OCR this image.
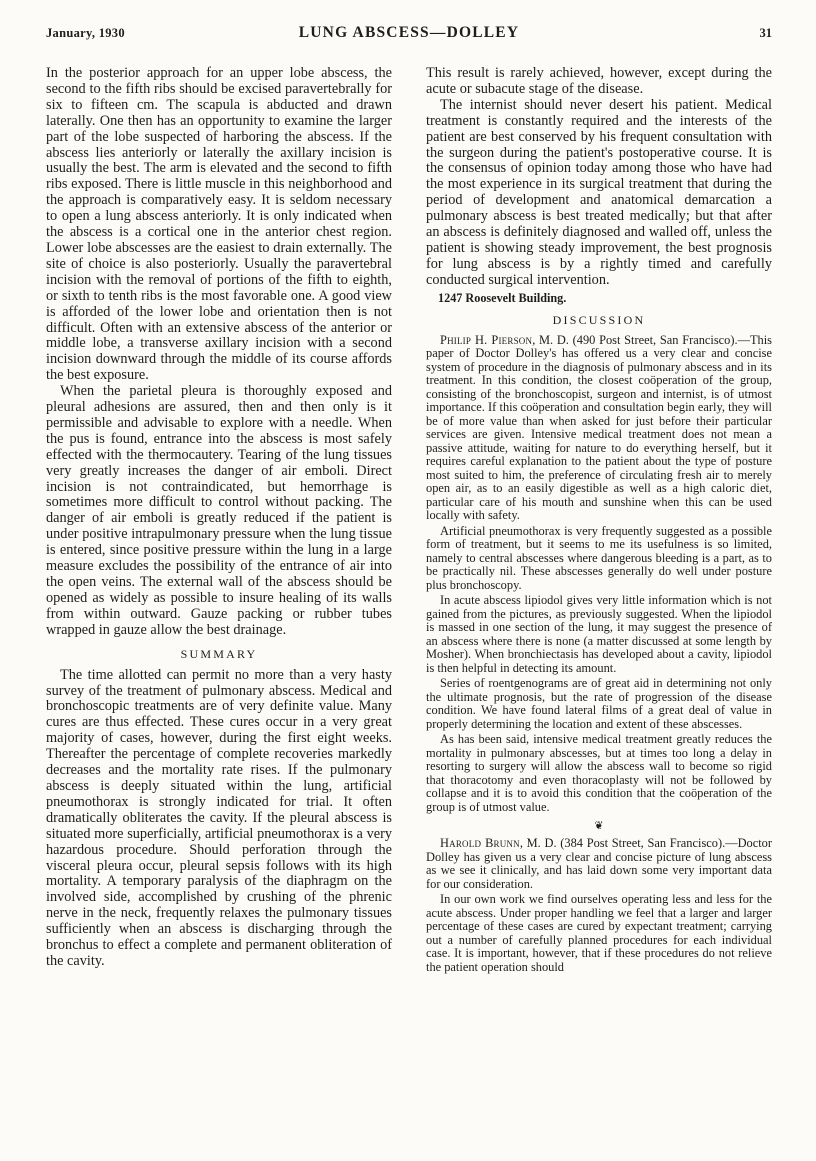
January, 1930	LUNG ABSCESS—DOLLEY	31

In the posterior approach for an upper lobe abscess, the second to the fifth ribs should be excised paravertebrally for six to fifteen cm. The scapula is abducted and drawn laterally. One then has an opportunity to examine the larger part of the lobe suspected of harboring the abscess. If the abscess lies anteriorly or laterally the axillary incision is usually the best. The arm is elevated and the second to fifth ribs exposed. There is little muscle in this neighborhood and the approach is comparatively easy. It is seldom necessary to open a lung abscess anteriorly. It is only indicated when the abscess is a cortical one in the anterior chest region. Lower lobe abscesses are the easiest to drain externally. The site of choice is also posteriorly. Usually the paravertebral incision with the removal of portions of the fifth to eighth, or sixth to tenth ribs is the most favorable one. A good view is afforded of the lower lobe and orientation then is not difficult. Often with an extensive abscess of the anterior or middle lobe, a transverse axillary incision with a second incision downward through the middle of its course affords the best exposure.

When the parietal pleura is thoroughly exposed and pleural adhesions are assured, then and then only is it permissible and advisable to explore with a needle. When the pus is found, entrance into the abscess is most safely effected with the thermocautery. Tearing of the lung tissues very greatly increases the danger of air emboli. Direct incision is not contraindicated, but hemorrhage is sometimes more difficult to control without packing. The danger of air emboli is greatly reduced if the patient is under positive intrapulmonary pressure when the lung tissue is entered, since positive pressure within the lung in a large measure excludes the possibility of the entrance of air into the open veins. The external wall of the abscess should be opened as widely as possible to insure healing of its walls from within outward. Gauze packing or rubber tubes wrapped in gauze allow the best drainage.

SUMMARY

The time allotted can permit no more than a very hasty survey of the treatment of pulmonary abscess. Medical and bronchoscopic treatments are of very definite value. Many cures are thus effected. These cures occur in a very great majority of cases, however, during the first eight weeks. Thereafter the percentage of complete recoveries markedly decreases and the mortality rate rises. If the pulmonary abscess is deeply situated within the lung, artificial pneumothorax is strongly indicated for trial. It often dramatically obliterates the cavity. If the pleural abscess is situated more superficially, artificial pneumothorax is a very hazardous procedure. Should perforation through the visceral pleura occur, pleural sepsis follows with its high mortality. A temporary paralysis of the diaphragm on the involved side, accomplished by crushing of the phrenic nerve in the neck, frequently relaxes the pulmonary tissues sufficiently when an abscess is discharging through the bronchus to effect a complete and permanent obliteration of the cavity.

This result is rarely achieved, however, except during the acute or subacute stage of the disease.

The internist should never desert his patient. Medical treatment is constantly required and the interests of the patient are best conserved by his frequent consultation with the surgeon during the patient's postoperative course. It is the consensus of opinion today among those who have had the most experience in its surgical treatment that during the period of development and anatomical demarcation a pulmonary abscess is best treated medically; but that after an abscess is definitely diagnosed and walled off, unless the patient is showing steady improvement, the best prognosis for lung abscess is by a rightly timed and carefully conducted surgical intervention.

1247 Roosevelt Building.

DISCUSSION

Philip H. Pierson, M. D. (490 Post Street, San Francisco).—This paper of Doctor Dolley's has offered us a very clear and concise system of procedure in the diagnosis of pulmonary abscess and in its treatment. In this condition, the closest coöperation of the group, consisting of the bronchoscopist, surgeon and internist, is of utmost importance. If this coöperation and consultation begin early, they will be of more value than when asked for just before their particular services are given. Intensive medical treatment does not mean a passive attitude, waiting for nature to do everything herself, but it requires careful explanation to the patient about the type of posture most suited to him, the preference of circulating fresh air to merely open air, as to an easily digestible as well as a high caloric diet, particular care of his mouth and sunshine when this can be used locally with safety.

Artificial pneumothorax is very frequently suggested as a possible form of treatment, but it seems to me its usefulness is so limited, namely to central abscesses where dangerous bleeding is a part, as to be practically nil. These abscesses generally do well under posture plus bronchoscopy.

In acute abscess lipiodol gives very little information which is not gained from the pictures, as previously suggested. When the lipiodol is massed in one section of the lung, it may suggest the presence of an abscess where there is none (a matter discussed at some length by Mosher). When bronchiectasis has developed about a cavity, lipiodol is then helpful in detecting its amount.

Series of roentgenograms are of great aid in determining not only the ultimate prognosis, but the rate of progression of the disease condition. We have found lateral films of a great deal of value in properly determining the location and extent of these abscesses.

As has been said, intensive medical treatment greatly reduces the mortality in pulmonary abscesses, but at times too long a delay in resorting to surgery will allow the abscess wall to become so rigid that thoracotomy and even thoracoplasty will not be followed by collapse and it is to avoid this condition that the coöperation of the group is of utmost value.

❦

Harold Brunn, M. D. (384 Post Street, San Francisco).—Doctor Dolley has given us a very clear and concise picture of lung abscess as we see it clinically, and has laid down some very important data for our consideration.

In our own work we find ourselves operating less and less for the acute abscess. Under proper handling we feel that a larger and larger percentage of these cases are cured by expectant treatment; carrying out a number of carefully planned procedures for each individual case. It is important, however, that if these procedures do not relieve the patient operation should
